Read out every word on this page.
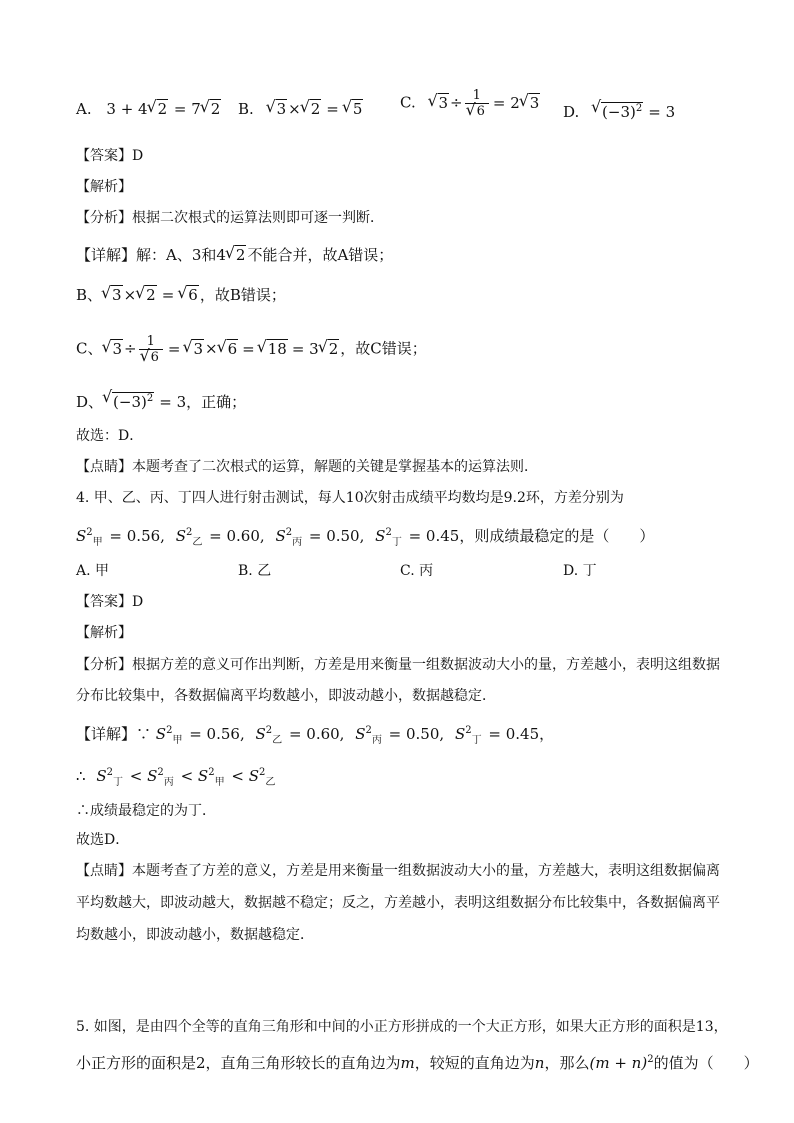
A. 3 + 4 √ 2 = 7 √ 2 B. √ 3 × √ 2 = √ 5	C. √ 3 ÷ 1
√ 6 = 2 √ 3
D. √ $(-3)^2 = 3$
【答案】D
【解析】
【分析】根据二次根式的运算法则即可逐一判断．
【详解】解：A、3和4 √ 2 不能合并，故A错误；
B、 √ 3 × √ 2 = √ 6 ，故B错误；
C、 √ 3 ÷ 1
√ 6 = √ 3 × √ 6 = √ 18 = 3 √ 2 ，故C错误；
D、 √ $(-3)^2 = 3$，正确；
故选：D．
【点睛】本题考查了二次根式的运算，解题的关键是掌握基本的运算法则．
4. 甲、乙、丙、丁四人进行射击测试，每人10次射击成绩平均数均是9.2环，方差分别为
$S^2_甲 = 0.56$, $S^2_乙 = 0.60$, $S^2_丙 = 0.50$, $S^2_丁 = 0.45$，则成绩最稳定的是（　　）
A. 甲	B. 乙	C. 丙	D. 丁
【答案】D
【解析】
【分析】根据方差的意义可作出判断，方差是用来衡量一组数据波动大小的量，方差越小，表明这组数据
分布比较集中，各数据偏离平均数越小，即波动越小，数据越稳定．
【详解】∵ $S^2_甲 = 0.56$, $S^2_乙 = 0.60$, $S^2_丙 = 0.50$, $S^2_丁 = 0.45$，
∴ $S^2_丁 < S^2_丙 < S^2_甲 < S^2_乙$
∴成绩最稳定的为丁．
故选D．
【点睛】本题考查了方差的意义，方差是用来衡量一组数据波动大小的量，方差越大，表明这组数据偏离
平均数越大，即波动越大，数据越不稳定；反之，方差越小，表明这组数据分布比较集中，各数据偏离平
均数越小，即波动越小，数据越稳定．
5. 如图，是由四个全等的直角三角形和中间的小正方形拼成的一个大正方形，如果大正方形的面积是13，
小正方形的面积是2，直角三角形较长的直角边为m，较短的直角边为n，那么$(m + n)^2$的值为（　　）
